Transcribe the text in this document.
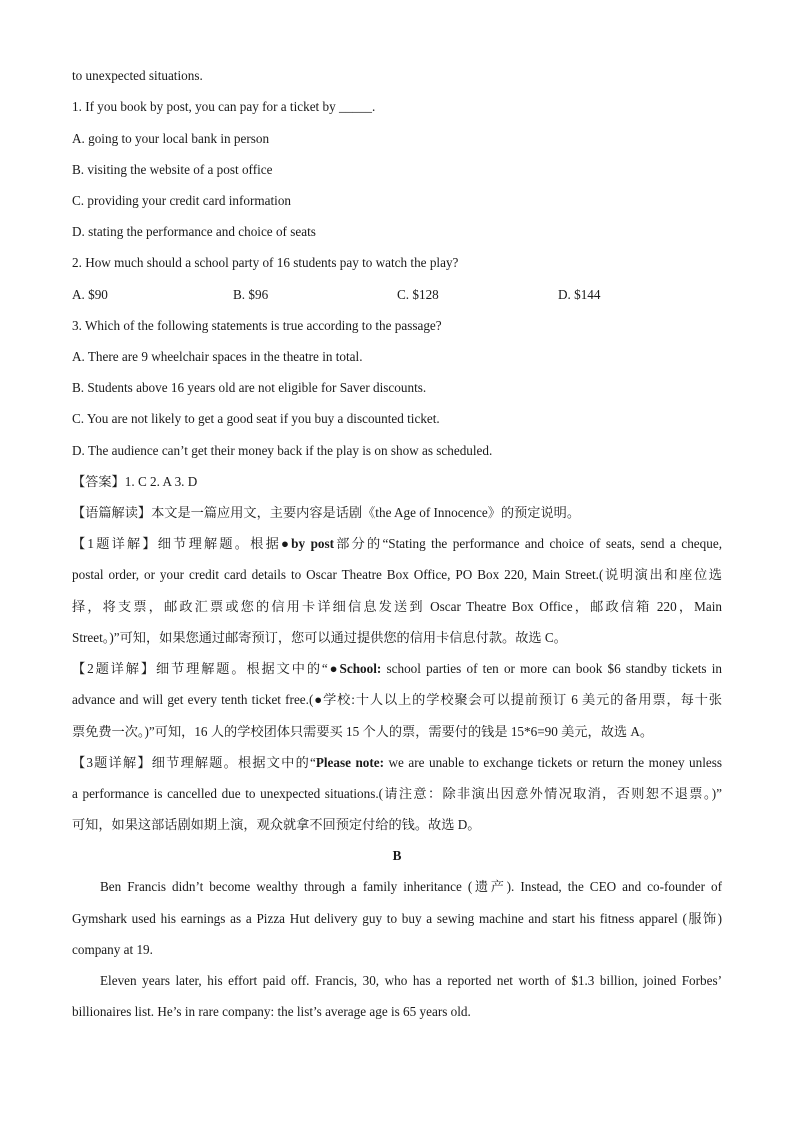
to unexpected situations.
1. If you book by post, you can pay for a ticket by _____.
A. going to your local bank in person
B. visiting the website of a post office
C. providing your credit card information
D. stating the performance and choice of seats
2. How much should a school party of 16 students pay to watch the play?
A. $90	B. $96	C. $128	D. $144
3. Which of the following statements is true according to the passage?
A. There are 9 wheelchair spaces in the theatre in total.
B. Students above 16 years old are not eligible for Saver discounts.
C. You are not likely to get a good seat if you buy a discounted ticket.
D. The audience can’t get their money back if the play is on show as scheduled.
【答案】1. C 2. A 3. D
【语篇解读】本文是一篇应用文，主要内容是话剧《the Age of Innocence》的预定说明。
【1题详解】细节理解题。根据●by post部分的“Stating the performance and choice of seats, send a cheque,
postal order, or your credit card details to Oscar Theatre Box Office, PO Box 220, Main Street.(说明演出和座位选
择，将支票，邮政汇票或您的信用卡详细信息发送到 Oscar Theatre Box Office，邮政信箱 220，Main
Street。)”可知，如果您通过邮寄预订，您可以通过提供您的信用卡信息付款。故选 C。
【2题详解】细节理解题。根据文中的“●School: school parties of ten or more can book $6 standby tickets in
advance and will get every tenth ticket free.(●学校:十人以上的学校聚会可以提前预订 6 美元的备用票，每十张
票免费一次。)”可知，16 人的学校团体只需要买 15 个人的票，需要付的钱是 15*6=90 美元，故选 A。
【3题详解】细节理解题。根据文中的“Please note: we are unable to exchange tickets or return the money unless
a performance is cancelled due to unexpected situations.(请注意：除非演出因意外情况取消，否则恕不退票。)”
可知，如果这部话剧如期上演，观众就拿不回预定付给的钱。故选 D。
B
Ben Francis didn’t become wealthy through a family inheritance (遗产). Instead, the CEO and co-founder of
Gymshark used his earnings as a Pizza Hut delivery guy to buy a sewing machine and start his fitness apparel (服饰)
company at 19.
Eleven years later, his effort paid off. Francis, 30, who has a reported net worth of $1.3 billion, joined Forbes’
billionaires list. He’s in rare company: the list’s average age is 65 years old.
